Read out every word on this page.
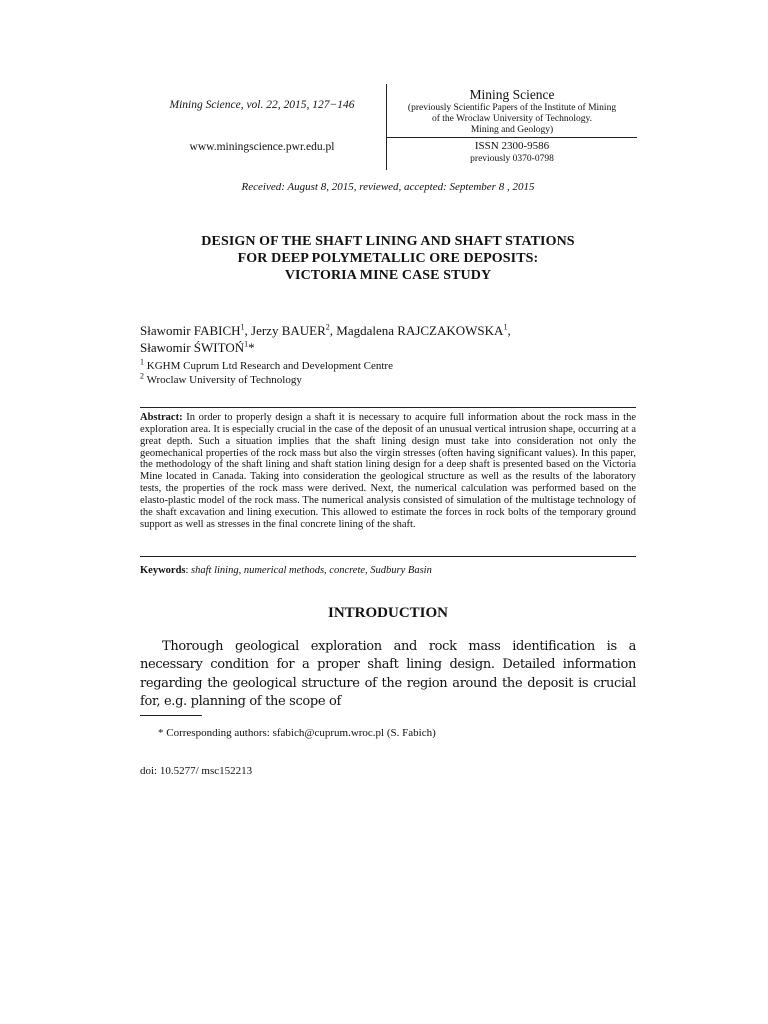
Mining Science, vol. 22, 2015, 127−146
www.miningscience.pwr.edu.pl
Mining Science
(previously Scientific Papers of the Institute of Mining
of the Wroclaw University of Technology.
Mining and Geology)
ISSN 2300-9586
previously 0370-0798
Received: August 8, 2015, reviewed, accepted: September 8 , 2015
DESIGN OF THE SHAFT LINING AND SHAFT STATIONS
FOR DEEP POLYMETALLIC ORE DEPOSITS:
VICTORIA MINE CASE STUDY
Sławomir FABICH$^1$, Jerzy BAUER$^2$, Magdalena RAJCZAKOWSKA$^1$,
Sławomir ŚWITOŃ$^1$*
$^1$ KGHM Cuprum Ltd Research and Development Centre
$^2$ Wroclaw University of Technology
Abstract: In order to properly design a shaft it is necessary to acquire full information about the rock mass in the exploration area. It is especially crucial in the case of the deposit of an unusual vertical intrusion shape, occurring at a great depth. Such a situation implies that the shaft lining design must take into consideration not only the geomechanical properties of the rock mass but also the virgin stresses (often having significant values). In this paper, the methodology of the shaft lining and shaft station lining design for a deep shaft is presented based on the Victoria Mine located in Canada. Taking into consideration the geological structure as well as the results of the laboratory tests, the properties of the rock mass were derived. Next, the numerical calculation was performed based on the elasto-plastic model of the rock mass. The numerical analysis consisted of simulation of the multistage technology of the shaft excavation and lining execution. This allowed to estimate the forces in rock bolts of the temporary ground support as well as stresses in the final concrete lining of the shaft.
Keywords: shaft lining, numerical methods, concrete, Sudbury Basin
INTRODUCTION
Thorough geological exploration and rock mass identification is a necessary condition for a proper shaft lining design. Detailed information regarding the geological structure of the region around the deposit is crucial for, e.g. planning of the scope of
* Corresponding authors: sfabich@cuprum.wroc.pl (S. Fabich)
doi: 10.5277/ msc152213
